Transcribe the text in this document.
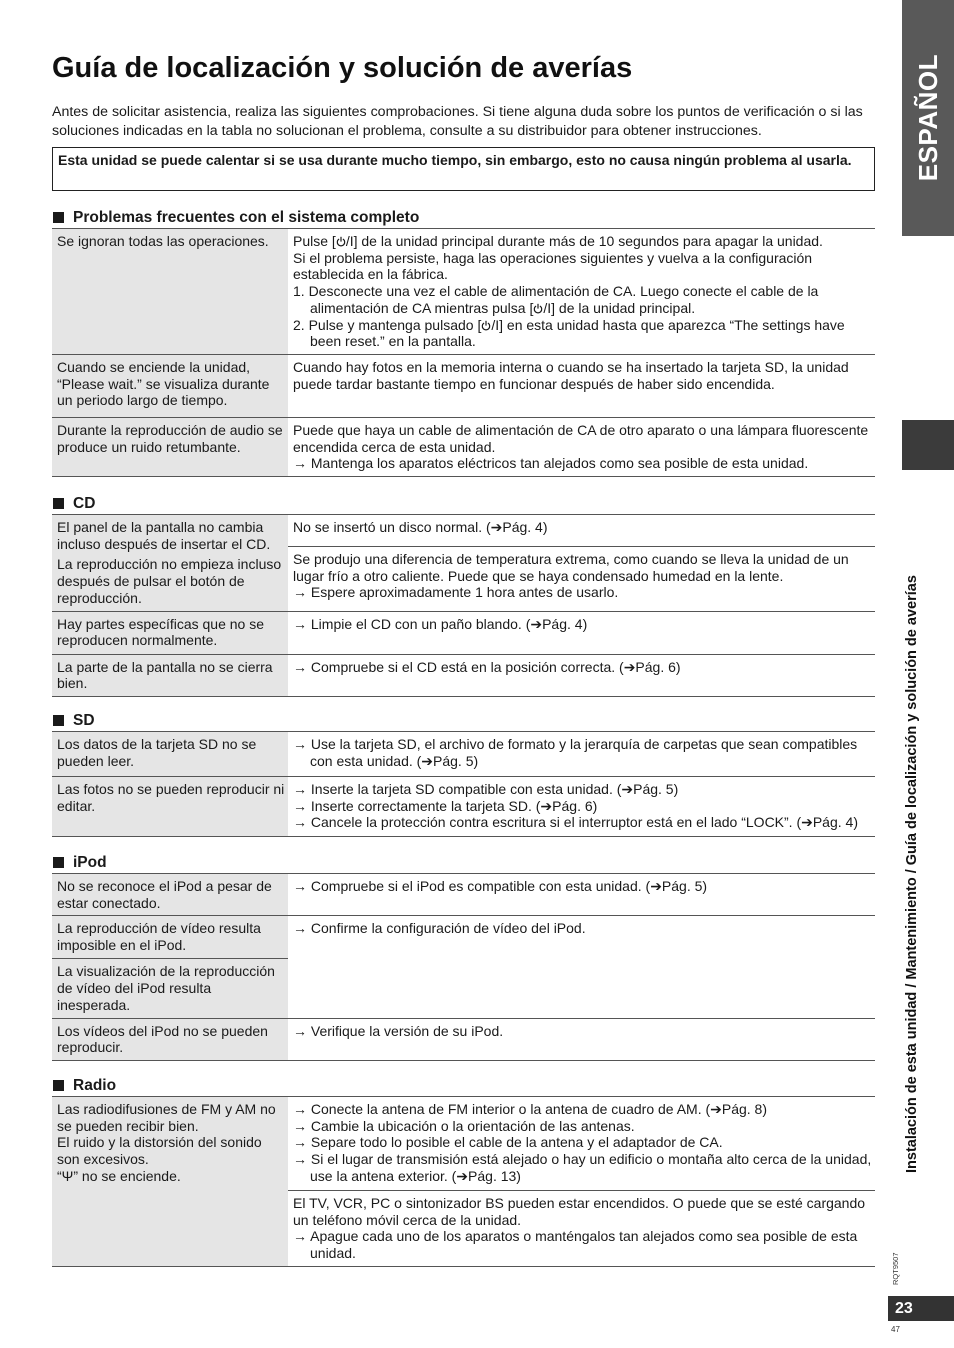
Guía de localización y solución de averías
Antes de solicitar asistencia, realiza las siguientes comprobaciones. Si tiene alguna duda sobre los puntos de verificación o si las soluciones indicadas en la tabla no solucionan el problema, consulte a su distribuidor para obtener instrucciones.
Esta unidad se puede calentar si se usa durante mucho tiempo, sin embargo, esto no causa ningún problema al usarla.
Problemas frecuentes con el sistema completo
Se ignoran todas las operaciones.	Pulse [ /I] de la unidad principal durante más de 10 segundos para apagar la unidad.
Si el problema persiste, haga las operaciones siguientes y vuelva a la configuración establecida en la fábrica.
1. Desconecte una vez el cable de alimentación de CA. Luego conecte el cable de la alimentación de CA mientras pulsa [ /I] de la unidad principal.
2. Pulse y mantenga pulsado [ /I] en esta unidad hasta que aparezca “The settings have been reset.” en la pantalla.
Cuando se enciende la unidad, “Please wait.” se visualiza durante un periodo largo de tiempo.
Cuando hay fotos en la memoria interna o cuando se ha insertado la tarjeta SD, la unidad puede tardar bastante tiempo en funcionar después de haber sido encendida.
Durante la reproducción de audio se produce un ruido retumbante.
Puede que haya un cable de alimentación de CA de otro aparato o una lámpara fluorescente encendida cerca de esta unidad.
→ Mantenga los aparatos eléctricos tan alejados como sea posible de esta unidad.
CD
El panel de la pantalla no cambia incluso después de insertar el CD.
La reproducción no empieza incluso después de pulsar el botón de reproducción.
No se insertó un disco normal. (➔Pág. 4)
Se produjo una diferencia de temperatura extrema, como cuando se lleva la unidad de un lugar frío a otro caliente. Puede que se haya condensado humedad en la lente.
→ Espere aproximadamente 1 hora antes de usarlo.
Hay partes específicas que no se reproducen normalmente.
→ Limpie el CD con un paño blando. (➔Pág. 4)
La parte de la pantalla no se cierra bien.
→ Compruebe si el CD está en la posición correcta. (➔Pág. 6)
SD
Los datos de la tarjeta SD no se pueden leer.
→ Use la tarjeta SD, el archivo de formato y la jerarquía de carpetas que sean compatibles con esta unidad. (➔Pág. 5)
Las fotos no se pueden reproducir ni editar.
→ Inserte la tarjeta SD compatible con esta unidad. (➔Pág. 5)
→ Inserte correctamente la tarjeta SD. (➔Pág. 6)
→ Cancele la protección contra escritura si el interruptor está en el lado “LOCK”. (➔Pág. 4)
iPod
No se reconoce el iPod a pesar de estar conectado.
→ Compruebe si el iPod es compatible con esta unidad. (➔Pág. 5)
La reproducción de vídeo resulta imposible en el iPod.
La visualización de la reproducción de vídeo del iPod resulta inesperada.
→ Confirme la configuración de vídeo del iPod.
Los vídeos del iPod no se pueden reproducir.
→ Verifique la versión de su iPod.
Radio
Las radiodifusiones de FM y AM no se pueden recibir bien.
El ruido y la distorsión del sonido son excesivos.
“Ψ” no se enciende.
→ Conecte la antena de FM interior o la antena de cuadro de AM. (➔Pág. 8)
→ Cambie la ubicación o la orientación de las antenas.
→ Separe todo lo posible el cable de la antena y el adaptador de CA.
→ Si el lugar de transmisión está alejado o hay un edificio o montaña alto cerca de la unidad, use la antena exterior. (➔Pág. 13)
El TV, VCR, PC o sintonizador BS pueden estar encendidos. O puede que se esté cargando un teléfono móvil cerca de la unidad.
→ Apague cada uno de los aparatos o manténgalos tan alejados como sea posible de esta unidad.
ESPAÑOL
Instalación de esta unidad / Mantenimiento / Guía de localización y solución de averías
RQT9507
23
47
